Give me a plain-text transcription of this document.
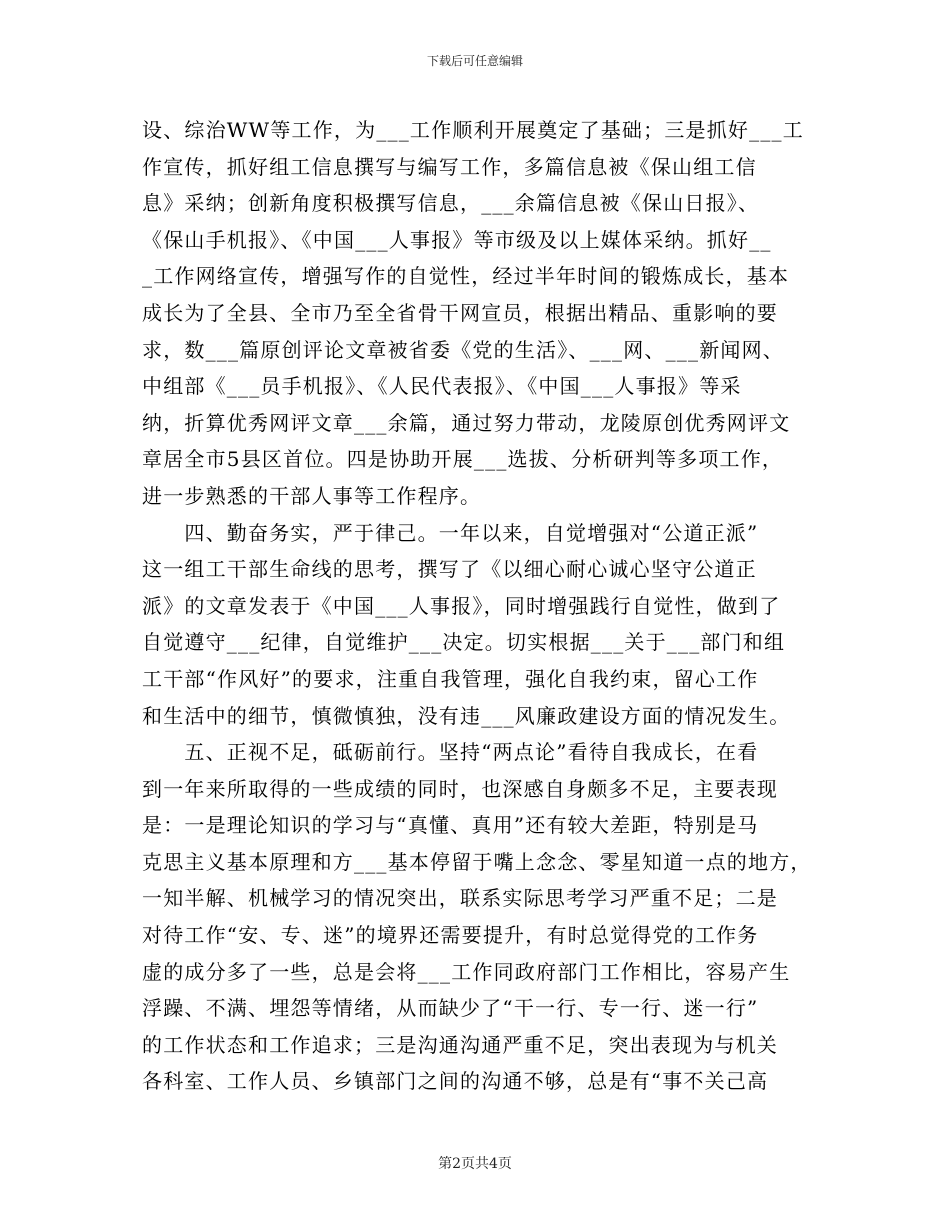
下载后可任意编辑
设、综治WW等工作，为___工作顺利开展奠定了基础；三是抓好___工
作宣传，抓好组工信息撰写与编写工作，多篇信息被《保山组工信
息》采纳；创新角度积极撰写信息，___余篇信息被《保山日报》、
《保山手机报》、《中国___人事报》等市级及以上媒体采纳。抓好__
_工作网络宣传，增强写作的自觉性，经过半年时间的锻炼成长，基本
成长为了全县、全市乃至全省骨干网宣员，根据出精品、重影响的要
求，数___篇原创评论文章被省委《党的生活》、___网、___新闻网、
中组部《___员手机报》、《人民代表报》、《中国___人事报》等采
纳，折算优秀网评文章___余篇，通过努力带动，龙陵原创优秀网评文
章居全市5县区首位。四是协助开展___选拔、分析研判等多项工作，
进一步熟悉的干部人事等工作程序。
　　四、勤奋务实，严于律己。一年以来，自觉增强对“公道正派”
这一组工干部生命线的思考，撰写了《以细心耐心诚心坚守公道正
派》的文章发表于《中国___人事报》，同时增强践行自觉性，做到了
自觉遵守___纪律，自觉维护___决定。切实根据___关于___部门和组
工干部“作风好”的要求，注重自我管理，强化自我约束，留心工作
和生活中的细节，慎微慎独，没有违___风廉政建设方面的情况发生。
　　五、正视不足，砥砺前行。坚持“两点论”看待自我成长，在看
到一年来所取得的一些成绩的同时，也深感自身颇多不足，主要表现
是：一是理论知识的学习与“真懂、真用”还有较大差距，特别是马
克思主义基本原理和方___基本停留于嘴上念念、零星知道一点的地方，
一知半解、机械学习的情况突出，联系实际思考学习严重不足；二是
对待工作“安、专、迷”的境界还需要提升，有时总觉得党的工作务
虚的成分多了一些，总是会将___工作同政府部门工作相比，容易产生
浮躁、不满、埋怨等情绪，从而缺少了“干一行、专一行、迷一行”
的工作状态和工作追求；三是沟通沟通严重不足，突出表现为与机关
各科室、工作人员、乡镇部门之间的沟通不够，总是有“事不关己高
第2页共4页
